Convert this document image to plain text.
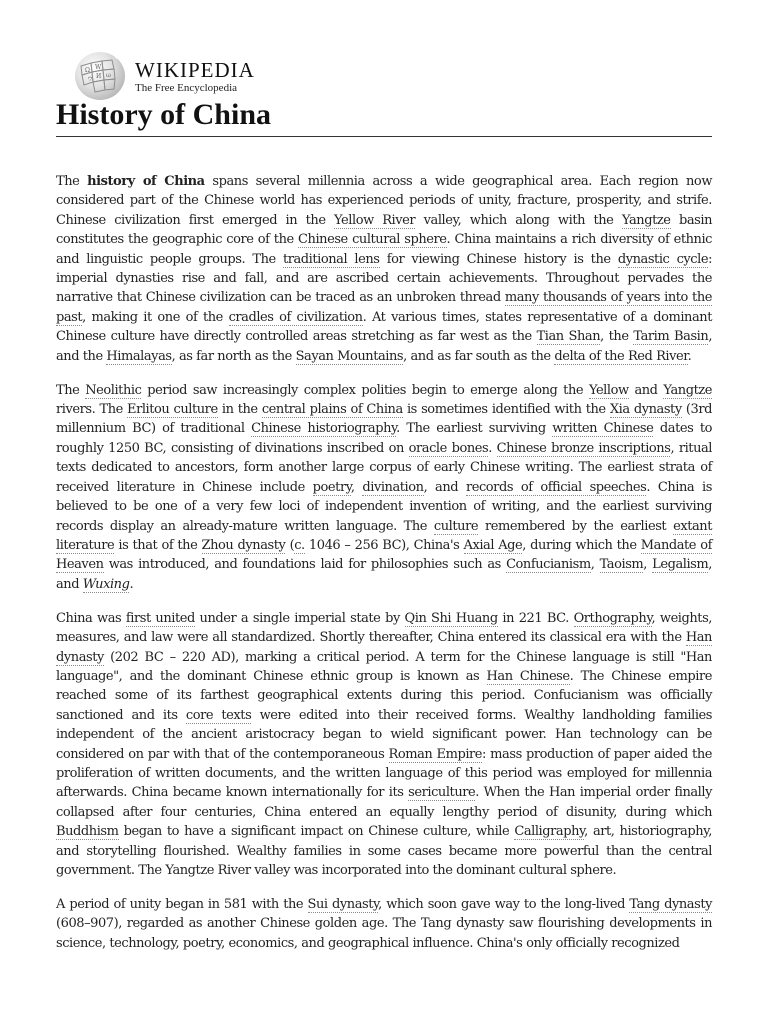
Ω W
И ω
ウ WIKIPEDIA
The Free Encyclopedia
History of China

The history of China spans several millennia across a wide geographical area. Each region now considered part of the Chinese world has experienced periods of unity, fracture, prosperity, and strife. Chinese civilization first emerged in the Yellow River valley, which along with the Yangtze basin constitutes the geographic core of the Chinese cultural sphere. China maintains a rich diversity of ethnic and linguistic people groups. The traditional lens for viewing Chinese history is the dynastic cycle: imperial dynasties rise and fall, and are ascribed certain achievements. Throughout pervades the narrative that Chinese civilization can be traced as an unbroken thread many thousands of years into the past, making it one of the cradles of civilization. At various times, states representative of a dominant Chinese culture have directly controlled areas stretching as far west as the Tian Shan, the Tarim Basin, and the Himalayas, as far north as the Sayan Mountains, and as far south as the delta of the Red River.

The Neolithic period saw increasingly complex polities begin to emerge along the Yellow and Yangtze rivers. The Erlitou culture in the central plains of China is sometimes identified with the Xia dynasty (3rd millennium BC) of traditional Chinese historiography. The earliest surviving written Chinese dates to roughly 1250 BC, consisting of divinations inscribed on oracle bones. Chinese bronze inscriptions, ritual texts dedicated to ancestors, form another large corpus of early Chinese writing. The earliest strata of received literature in Chinese include poetry, divination, and records of official speeches. China is believed to be one of a very few loci of independent invention of writing, and the earliest surviving records display an already-mature written language. The culture remembered by the earliest extant literature is that of the Zhou dynasty (c. 1046 – 256 BC), China's Axial Age, during which the Mandate of Heaven was introduced, and foundations laid for philosophies such as Confucianism, Taoism, Legalism, and Wuxing.

China was first united under a single imperial state by Qin Shi Huang in 221 BC. Orthography, weights, measures, and law were all standardized. Shortly thereafter, China entered its classical era with the Han dynasty (202 BC – 220 AD), marking a critical period. A term for the Chinese language is still "Han language", and the dominant Chinese ethnic group is known as Han Chinese. The Chinese empire reached some of its farthest geographical extents during this period. Confucianism was officially sanctioned and its core texts were edited into their received forms. Wealthy landholding families independent of the ancient aristocracy began to wield significant power. Han technology can be considered on par with that of the contemporaneous Roman Empire: mass production of paper aided the proliferation of written documents, and the written language of this period was employed for millennia afterwards. China became known internationally for its sericulture. When the Han imperial order finally collapsed after four centuries, China entered an equally lengthy period of disunity, during which Buddhism began to have a significant impact on Chinese culture, while Calligraphy, art, historiography, and storytelling flourished. Wealthy families in some cases became more powerful than the central government. The Yangtze River valley was incorporated into the dominant cultural sphere.

A period of unity began in 581 with the Sui dynasty, which soon gave way to the long-lived Tang dynasty (608–907), regarded as another Chinese golden age. The Tang dynasty saw flourishing developments in science, technology, poetry, economics, and geographical influence. China's only officially recognized
